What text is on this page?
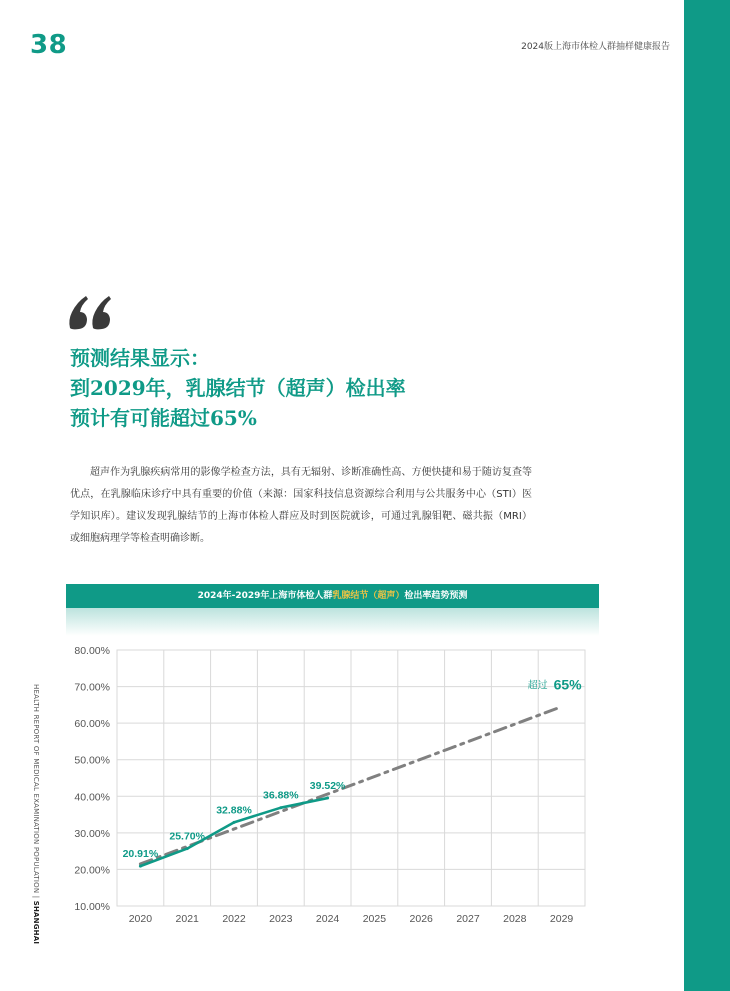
38	2024版上海市体检人群抽样健康报告
HEALTH REPORT OF MEDICAL EXAMINATION POPULATION | SHANGHAI
预测结果显示：
到2029年，乳腺结节（超声）检出率
预计有可能超过65%
超声作为乳腺疾病常用的影像学检查方法，具有无辐射、诊断准确性高、方便快捷和易于随访复查等优点，在乳腺临床诊疗中具有重要的价值（来源：国家科技信息资源综合利用与公共服务中心（STI）医学知识库）。建议发现乳腺结节的上海市体检人群应及时到医院就诊，可通过乳腺钼靶、磁共振（MRI）或细胞病理学等检查明确诊断。
2024年-2029年上海市体检人群乳腺结节（超声）检出率趋势预测
10.00%
20.00%
30.00%
40.00%
50.00%
60.00%
70.00%
80.00%
2020 2021 2022 2023 2024 2025 2026 2027 2028 2029
20.91%
25.70%
32.88%
36.88%
39.52%
超过 65%
